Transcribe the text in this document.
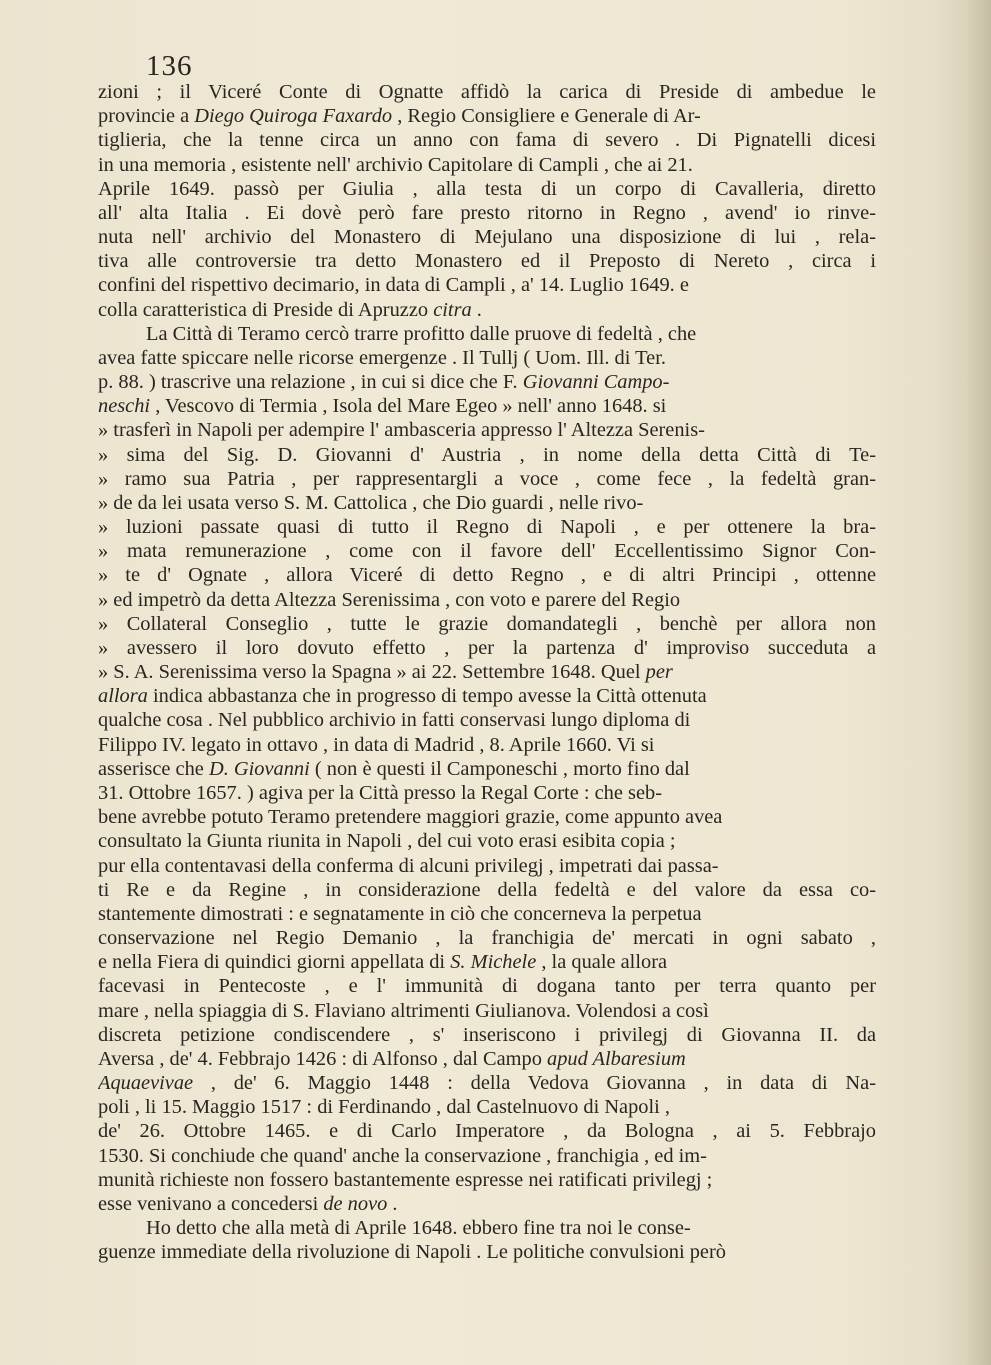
136
zioni ; il Viceré Conte di Ognatte affidò la carica di Preside di ambedue le
provincie a Diego Quiroga Faxardo , Regio Consigliere e Generale di Ar-
tiglieria, che la tenne circa un anno con fama di severo . Di Pignatelli dicesi
in una memoria , esistente nell' archivio Capitolare di Campli , che ai 21.
Aprile 1649. passò per Giulia , alla testa di un corpo di Cavalleria, diretto
all' alta Italia . Ei dovè però fare presto ritorno in Regno , avend' io rinve-
nuta nell' archivio del Monastero di Mejulano una disposizione di lui , rela-
tiva alle controversie tra detto Monastero ed il Preposto di Nereto , circa i
confini del rispettivo decimario, in data di Campli , a' 14. Luglio 1649. e
colla caratteristica di Preside di Apruzzo citra .
La Città di Teramo cercò trarre profitto dalle pruove di fedeltà , che
avea fatte spiccare nelle ricorse emergenze . Il Tullj ( Uom. Ill. di Ter.
p. 88. ) trascrive una relazione , in cui si dice che F. Giovanni Campo-
neschi , Vescovo di Termia , Isola del Mare Egeo » nell' anno 1648. si
» trasferì in Napoli per adempire l' ambasceria appresso l' Altezza Serenis-
» sima del Sig. D. Giovanni d' Austria , in nome della detta Città di Te-
» ramo sua Patria , per rappresentargli a voce , come fece , la fedeltà gran-
» de da lei usata verso S. M. Cattolica , che Dio guardi , nelle rivo-
» luzioni passate quasi di tutto il Regno di Napoli , e per ottenere la bra-
» mata remunerazione , come con il favore dell' Eccellentissimo Signor Con-
» te d' Ognate , allora Viceré di detto Regno , e di altri Principi , ottenne
» ed impetrò da detta Altezza Serenissima , con voto e parere del Regio
» Collateral Conseglio , tutte le grazie domandategli , benchè per allora non
» avessero il loro dovuto effetto , per la partenza d' improviso succeduta a
» S. A. Serenissima verso la Spagna » ai 22. Settembre 1648. Quel per
allora indica abbastanza che in progresso di tempo avesse la Città ottenuta
qualche cosa . Nel pubblico archivio in fatti conservasi lungo diploma di
Filippo IV. legato in ottavo , in data di Madrid , 8. Aprile 1660. Vi si
asserisce che D. Giovanni ( non è questi il Camponeschi , morto fino dal
31. Ottobre 1657. ) agiva per la Città presso la Regal Corte : che seb-
bene avrebbe potuto Teramo pretendere maggiori grazie, come appunto avea
consultato la Giunta riunita in Napoli , del cui voto erasi esibita copia ;
pur ella contentavasi della conferma di alcuni privilegj , impetrati dai passa-
ti Re e da Regine , in considerazione della fedeltà e del valore da essa co-
stantemente dimostrati : e segnatamente in ciò che concerneva la perpetua
conservazione nel Regio Demanio , la franchigia de' mercati in ogni sabato ,
e nella Fiera di quindici giorni appellata di S. Michele , la quale allora
facevasi in Pentecoste , e l' immunità di dogana tanto per terra quanto per
mare , nella spiaggia di S. Flaviano altrimenti Giulianova. Volendosi a così
discreta petizione condiscendere , s' inseriscono i privilegj di Giovanna II. da
Aversa , de' 4. Febbrajo 1426 : di Alfonso , dal Campo apud Albaresium
Aquaevivae , de' 6. Maggio 1448 : della Vedova Giovanna , in data di Na-
poli , li 15. Maggio 1517 : di Ferdinando , dal Castelnuovo di Napoli ,
de' 26. Ottobre 1465. e di Carlo Imperatore , da Bologna , ai 5. Febbrajo
1530. Si conchiude che quand' anche la conservazione , franchigia , ed im-
munità richieste non fossero bastantemente espresse nei ratificati privilegj ;
esse venivano a concedersi de novo .
Ho detto che alla metà di Aprile 1648. ebbero fine tra noi le conse-
guenze immediate della rivoluzione di Napoli . Le politiche convulsioni però
